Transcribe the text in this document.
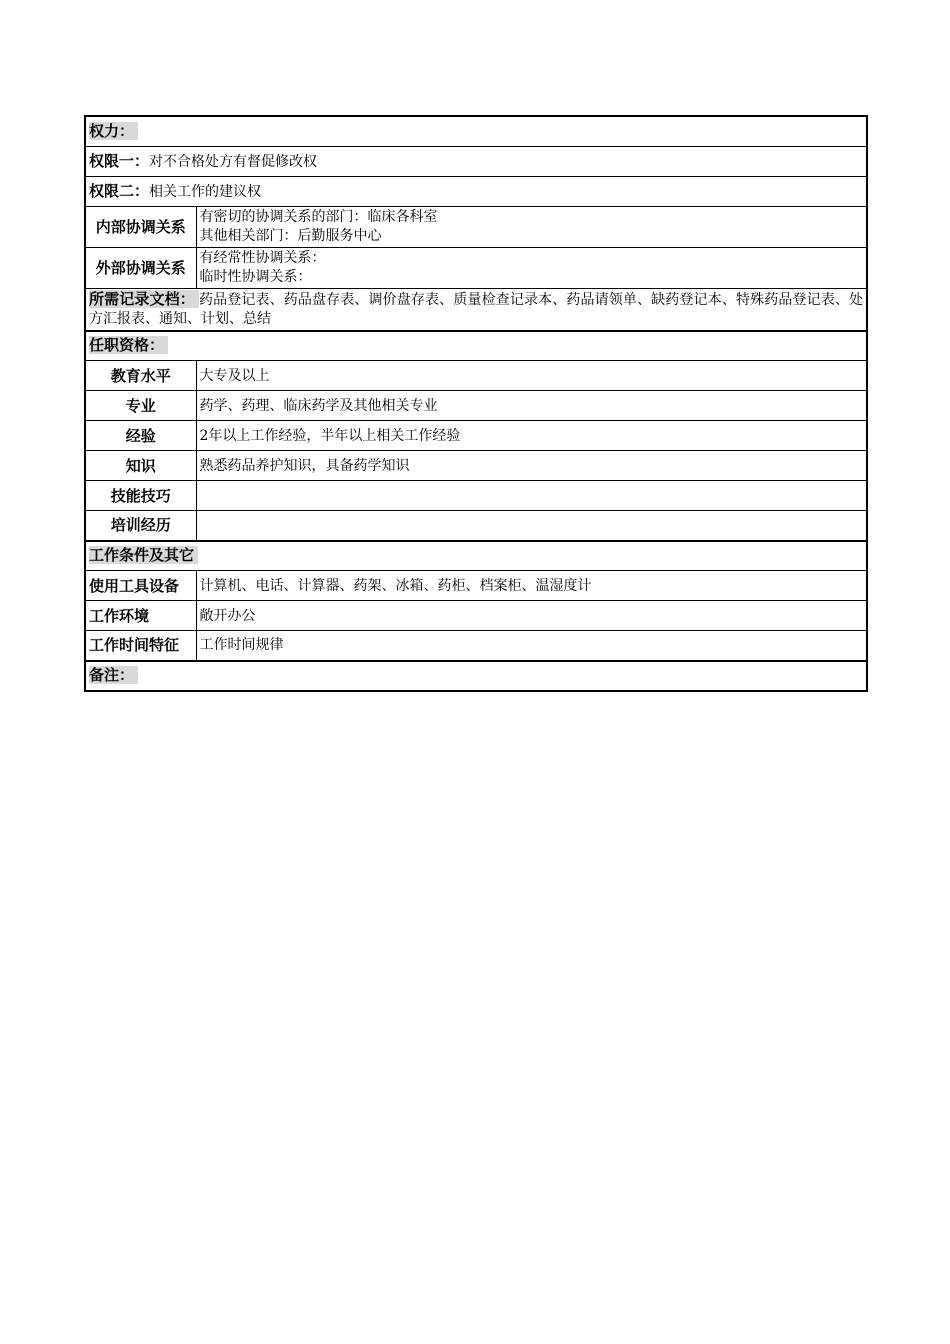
权力：	
权限一：对不合格处方有督促修改权	
权限二：相关工作的建议权	
内部协调关系	有密切的协调关系的部门：临床各科室
其他相关部门：后勤服务中心

外部协调关系	有经常性协调关系：
临时性协调关系：

所需记录文档： 药品登记表、药品盘存表、调价盘存表、质量检查记录本、药品请领单、缺药登记本、特殊药品登记表、处方汇报表、通知、计划、总结	
任职资格：	
教育水平	大专及以上
专业	药学、药理、临床药学及其他相关专业
经验	2年以上工作经验，半年以上相关工作经验
知识	熟悉药品养护知识，具备药学知识
技能技巧	
培训经历	
工作条件及其它	
使用工具设备	计算机、电话、计算器、药架、冰箱、药柜、档案柜、温湿度计
工作环境	敞开办公
工作时间特征	工作时间规律
备注：	
